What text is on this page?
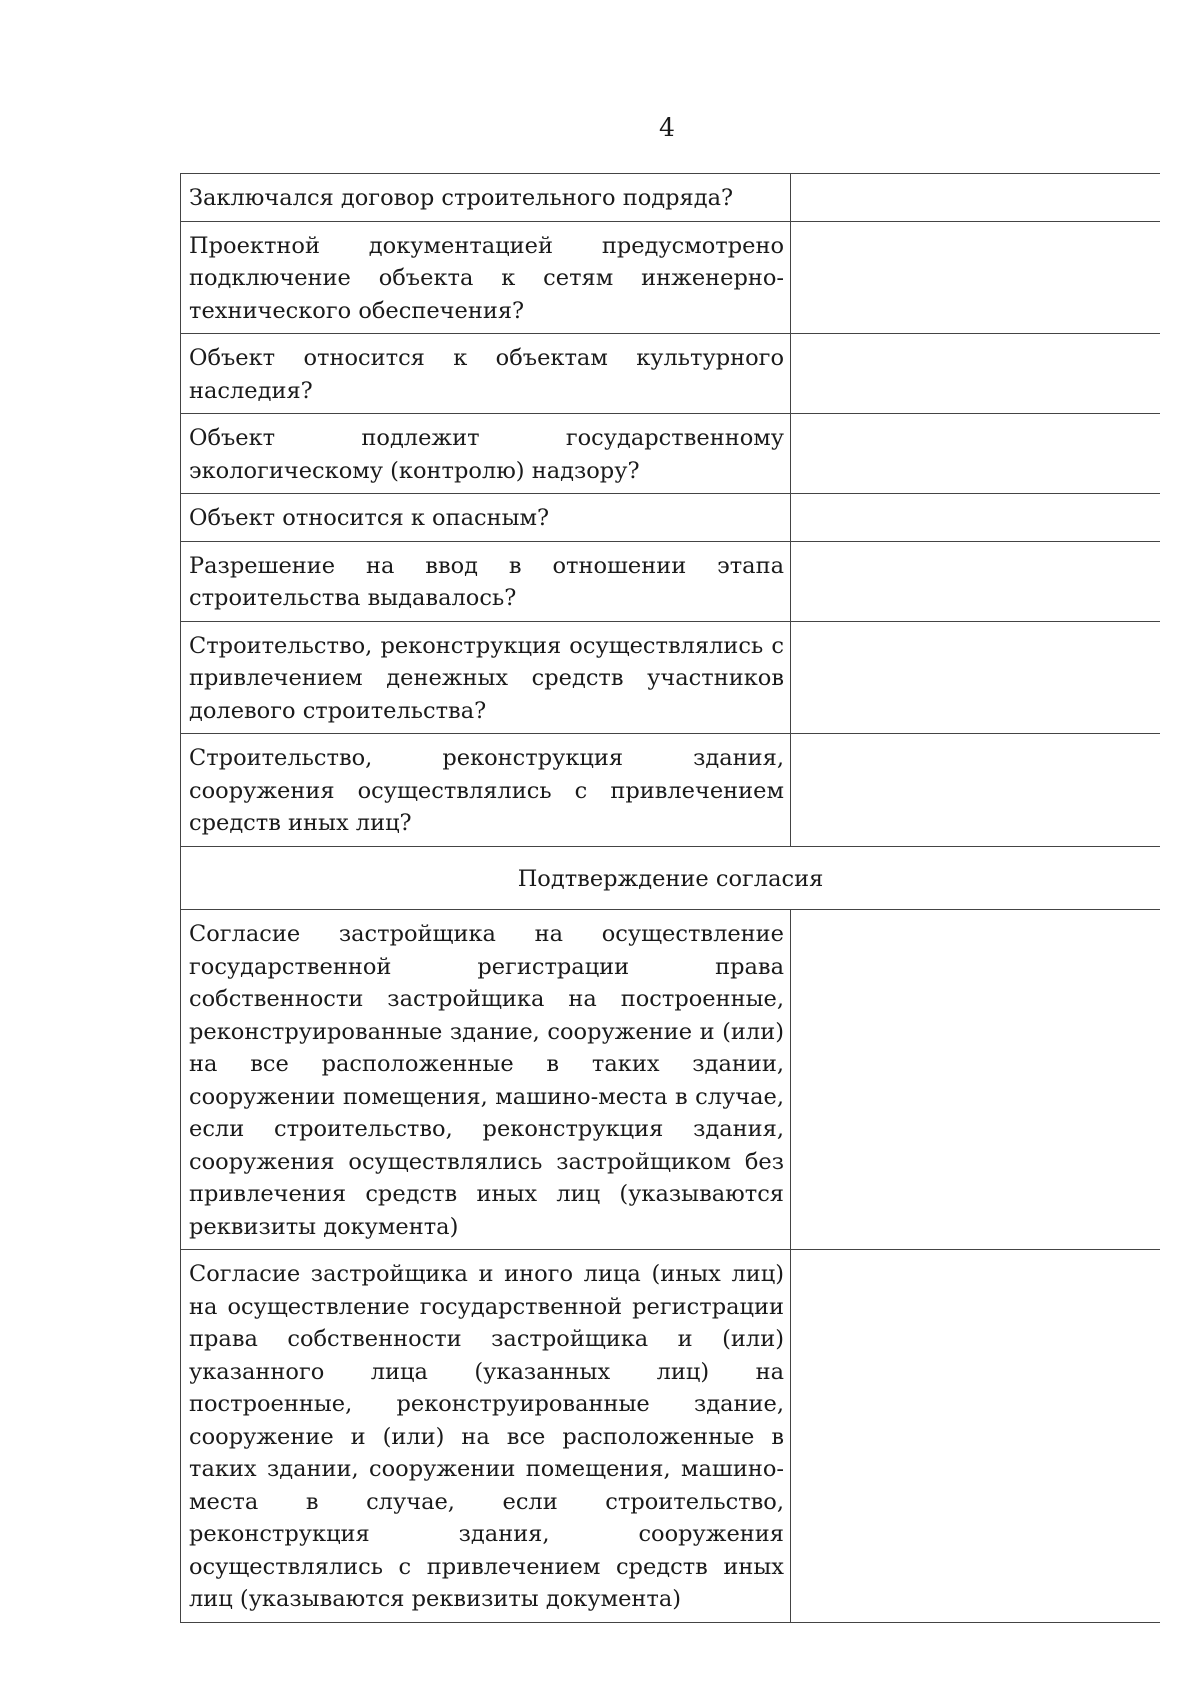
4
Заключался договор строительного подряда?	
Проектной документацией предусмотрено подключение объекта к сетям инженерно-технического обеспечения?	
Объект относится к объектам культурного наследия?	
Объект подлежит государственному экологическому (контролю) надзору?	
Объект относится к опасным?	
Разрешение на ввод в отношении этапа строительства выдавалось?	
Строительство, реконструкция осуществлялись с привлечением денежных средств участников долевого строительства?	
Строительство, реконструкция здания, сооружения осуществлялись с привлечением средств иных лиц?	
Подтверждение согласия	
Согласие застройщика на осуществление государственной регистрации права собственности застройщика на построенные, реконструированные здание, сооружение и (или) на все расположенные в таких здании, сооружении помещения, машино-места в случае, если строительство, реконструкция здания, сооружения осуществлялись застройщиком без привлечения средств иных лиц (указываются реквизиты документа)	
Согласие застройщика и иного лица (иных лиц) на осуществление государственной регистрации права собственности застройщика и (или) указанного лица (указанных лиц) на построенные, реконструированные здание, сооружение и (или) на все расположенные в таких здании, сооружении помещения, машино-места в случае, если строительство, реконструкция здания, сооружения осуществлялись с привлечением средств иных лиц (указываются реквизиты документа)	
